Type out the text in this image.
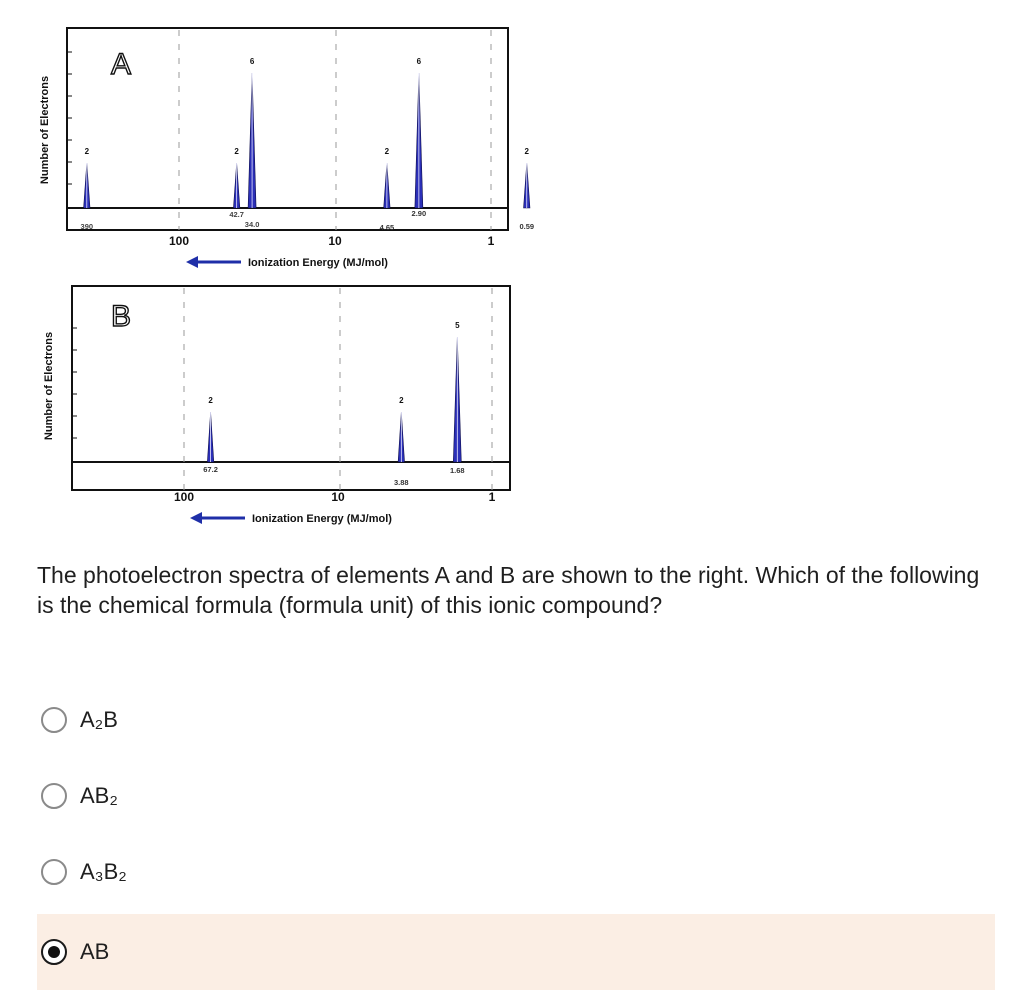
A
Number of Electrons
100	10	1
Ionization Energy (MJ/mol)
2
390
2
42.7
6
34.0
2
4.65
6
2.90
2
0.59
B
Number of Electrons
100	10	1
Ionization Energy (MJ/mol)
2
67.2
2
3.88
5
1.68

The photoelectron spectra of elements A and B are shown to the right. Which of the following is the chemical formula (formula unit) of this ionic compound?

A₂B
AB₂
A₃B₂
AB
